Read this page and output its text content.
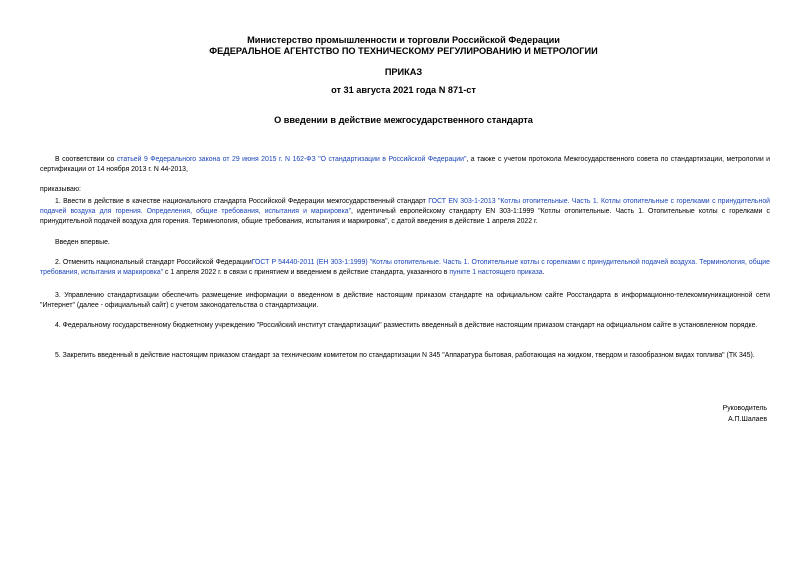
Министерство промышленности и торговли Российской Федерации
ФЕДЕРАЛЬНОЕ АГЕНТСТВО ПО ТЕХНИЧЕСКОМУ РЕГУЛИРОВАНИЮ И МЕТРОЛОГИИ
ПРИКАЗ
от 31 августа 2021 года N 871-ст
О введении в действие межгосударственного стандарта
В соответствии со статьей 9 Федерального закона от 29 июня 2015 г. N 162-ФЗ "О стандартизации в Российской Федерации", а также с учетом протокола Межгосударственного совета по стандартизации, метрологии и сертификации от 14 ноября 2013 г. N 44-2013,
приказываю:
1. Ввести в действие в качестве национального стандарта Российской Федерации межгосударственный стандарт ГОСТ EN 303-1-2013 "Котлы отопительные. Часть 1. Котлы отопительные с горелками с принудительной подачей воздуха для горения. Определения, общие требования, испытания и маркировка", идентичный европейскому стандарту EN 303-1:1999 "Котлы отопительные. Часть 1. Отопительные котлы с горелками с принудительной подачей воздуха для горения. Терминология, общие требования, испытания и маркировка", с датой введения в действие 1 апреля 2022 г.
Введен впервые.
2. Отменить национальный стандарт Российской ФедерацииГОСТ Р 54440-2011 (ЕН 303-1:1999) "Котлы отопительные. Часть 1. Отопительные котлы с горелками с принудительной подачей воздуха. Терминология, общие требования, испытания и маркировка" с 1 апреля 2022 г. в связи с принятием и введением в действие стандарта, указанного в пункте 1 настоящего приказа.
3. Управлению стандартизации обеспечить размещение информации о введенном в действие настоящим приказом стандарте на официальном сайте Росстандарта в информационно-телекоммуникационной сети "Интернет" (далее - официальный сайт) с учетом законодательства о стандартизации.
4. Федеральному государственному бюджетному учреждению "Российский институт стандартизации" разместить введенный в действие настоящим приказом стандарт на официальном сайте в установленном порядке.
5. Закрепить введенный в действие настоящим приказом стандарт за техническим комитетом по стандартизации N 345 "Аппаратура бытовая, работающая на жидком, твердом и газообразном видах топлива" (ТК 345).
Руководитель
А.П.Шалаев
